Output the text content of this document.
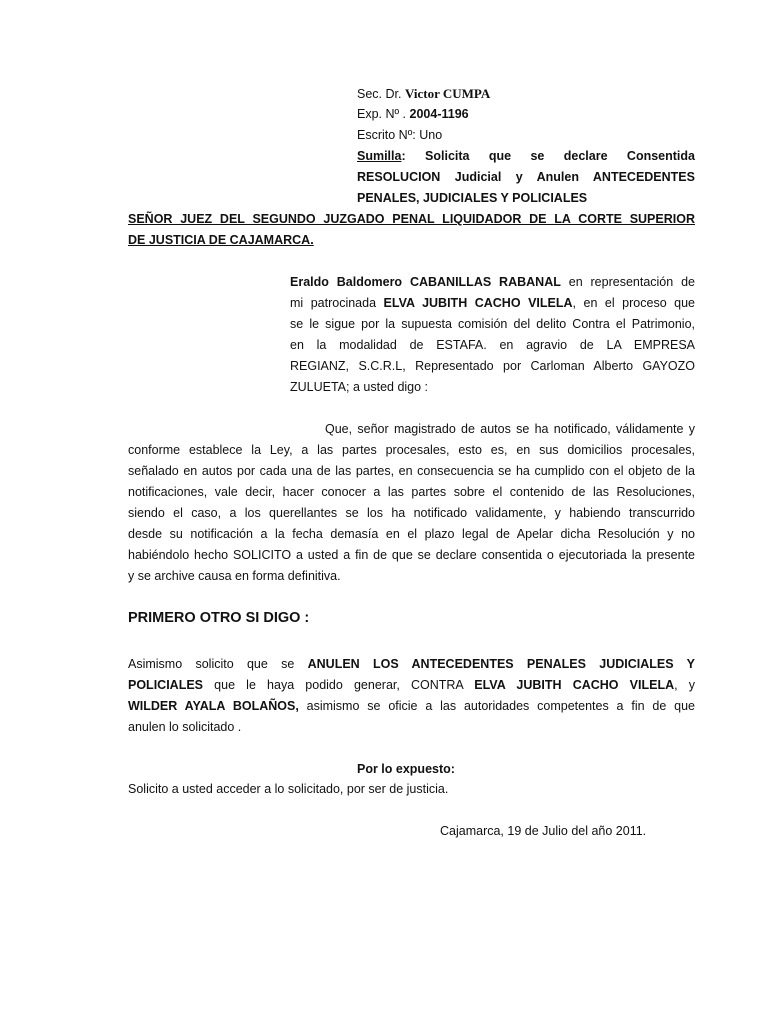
Sec. Dr. Victor CUMPA
Exp. Nº . 2004-1196
Escrito Nº: Uno
Sumilla: Solicita que se declare Consentida
RESOLUCION Judicial y Anulen ANTECEDENTES
PENALES, JUDICIALES Y POLICIALES
SEÑOR JUEZ DEL SEGUNDO JUZGADO PENAL LIQUIDADOR DE LA CORTE SUPERIOR
DE JUSTICIA DE CAJAMARCA.
Eraldo Baldomero CABANILLAS RABANAL en representación de
mi patrocinada ELVA JUBITH CACHO VILELA, en el proceso que
se le sigue por la supuesta comisión del delito Contra el Patrimonio,
en la modalidad de ESTAFA. en agravio de LA EMPRESA
REGIANZ, S.C.R.L, Representado por Carloman Alberto GAYOZO
ZULUETA; a usted digo :
Que, señor magistrado de autos se ha notificado, válidamente y
conforme establece la Ley, a las partes procesales, esto es, en sus domicilios procesales,
señalado en autos por cada una de las partes, en consecuencia se ha cumplido con el objeto de la
notificaciones, vale decir, hacer conocer a las partes sobre el contenido de las Resoluciones,
siendo el caso, a los querellantes se los ha notificado validamente, y habiendo transcurrido
desde su notificación a la fecha demasía en el plazo legal de Apelar dicha Resolución y no
habiéndolo hecho SOLICITO a usted a fin de que se declare consentida o ejecutoriada la presente
y se archive causa en forma definitiva.
PRIMERO OTRO SI DIGO :
Asimismo solicito que se ANULEN LOS ANTECEDENTES PENALES JUDICIALES Y
POLICIALES que le haya podido generar, CONTRA ELVA JUBITH CACHO VILELA, y
WILDER AYALA BOLAÑOS, asimismo se oficie a las autoridades competentes a fin de que
anulen lo solicitado .
Por lo expuesto:
Solicito a usted acceder a lo solicitado, por ser de justicia.
Cajamarca, 19 de Julio del año 2011.
